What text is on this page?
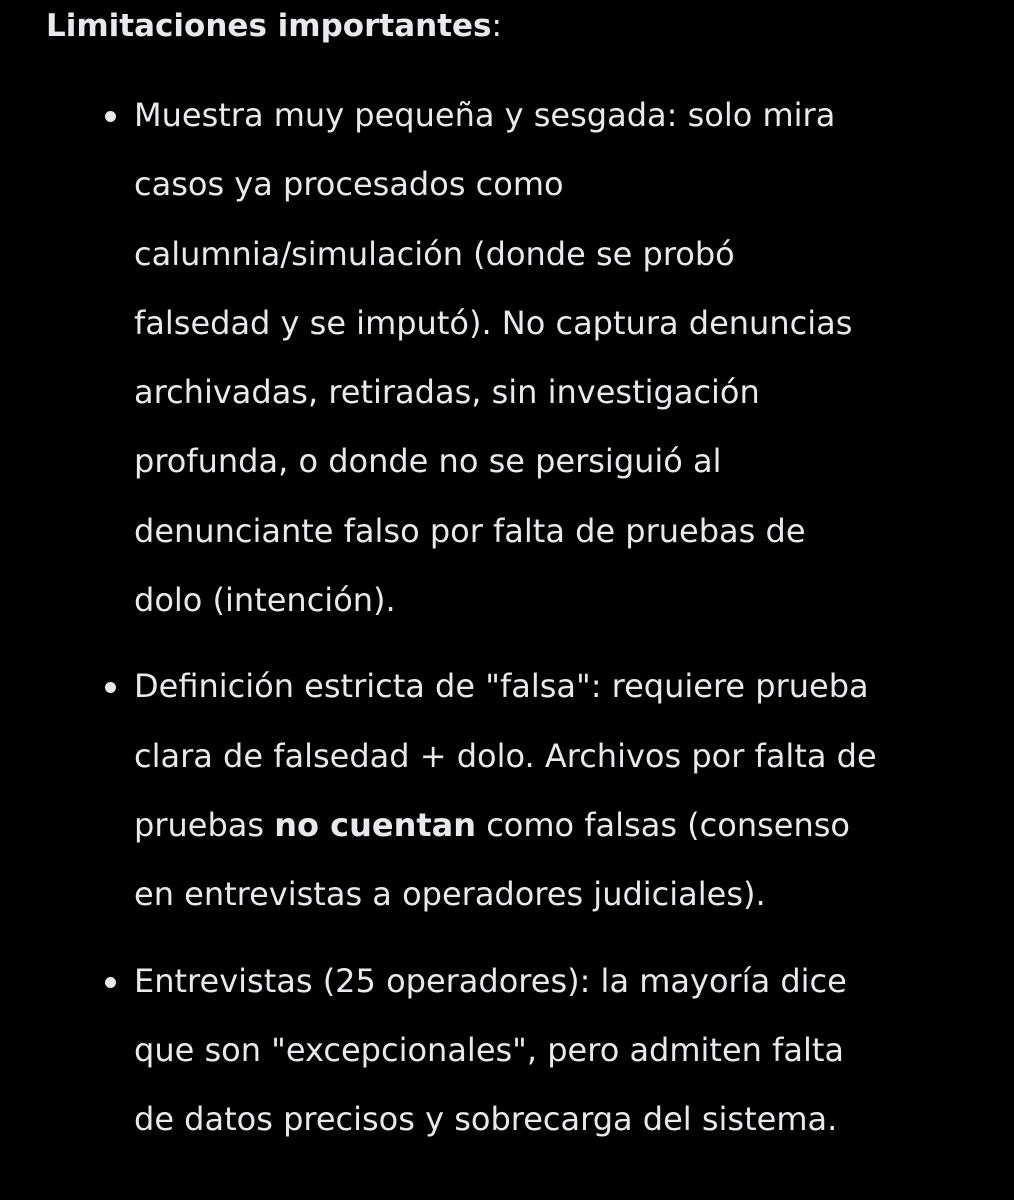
Limitaciones importantes:
Muestra muy pequeña y sesgada: solo mira
casos ya procesados como
calumnia/simulación (donde se probó
falsedad y se imputó). No captura denuncias
archivadas, retiradas, sin investigación
profunda, o donde no se persiguió al
denunciante falso por falta de pruebas de
dolo (intención).
Definición estricta de "falsa": requiere prueba
clara de falsedad + dolo. Archivos por falta de
pruebas no cuentan como falsas (consenso
en entrevistas a operadores judiciales).
Entrevistas (25 operadores): la mayoría dice
que son "excepcionales", pero admiten falta
de datos precisos y sobrecarga del sistema.
